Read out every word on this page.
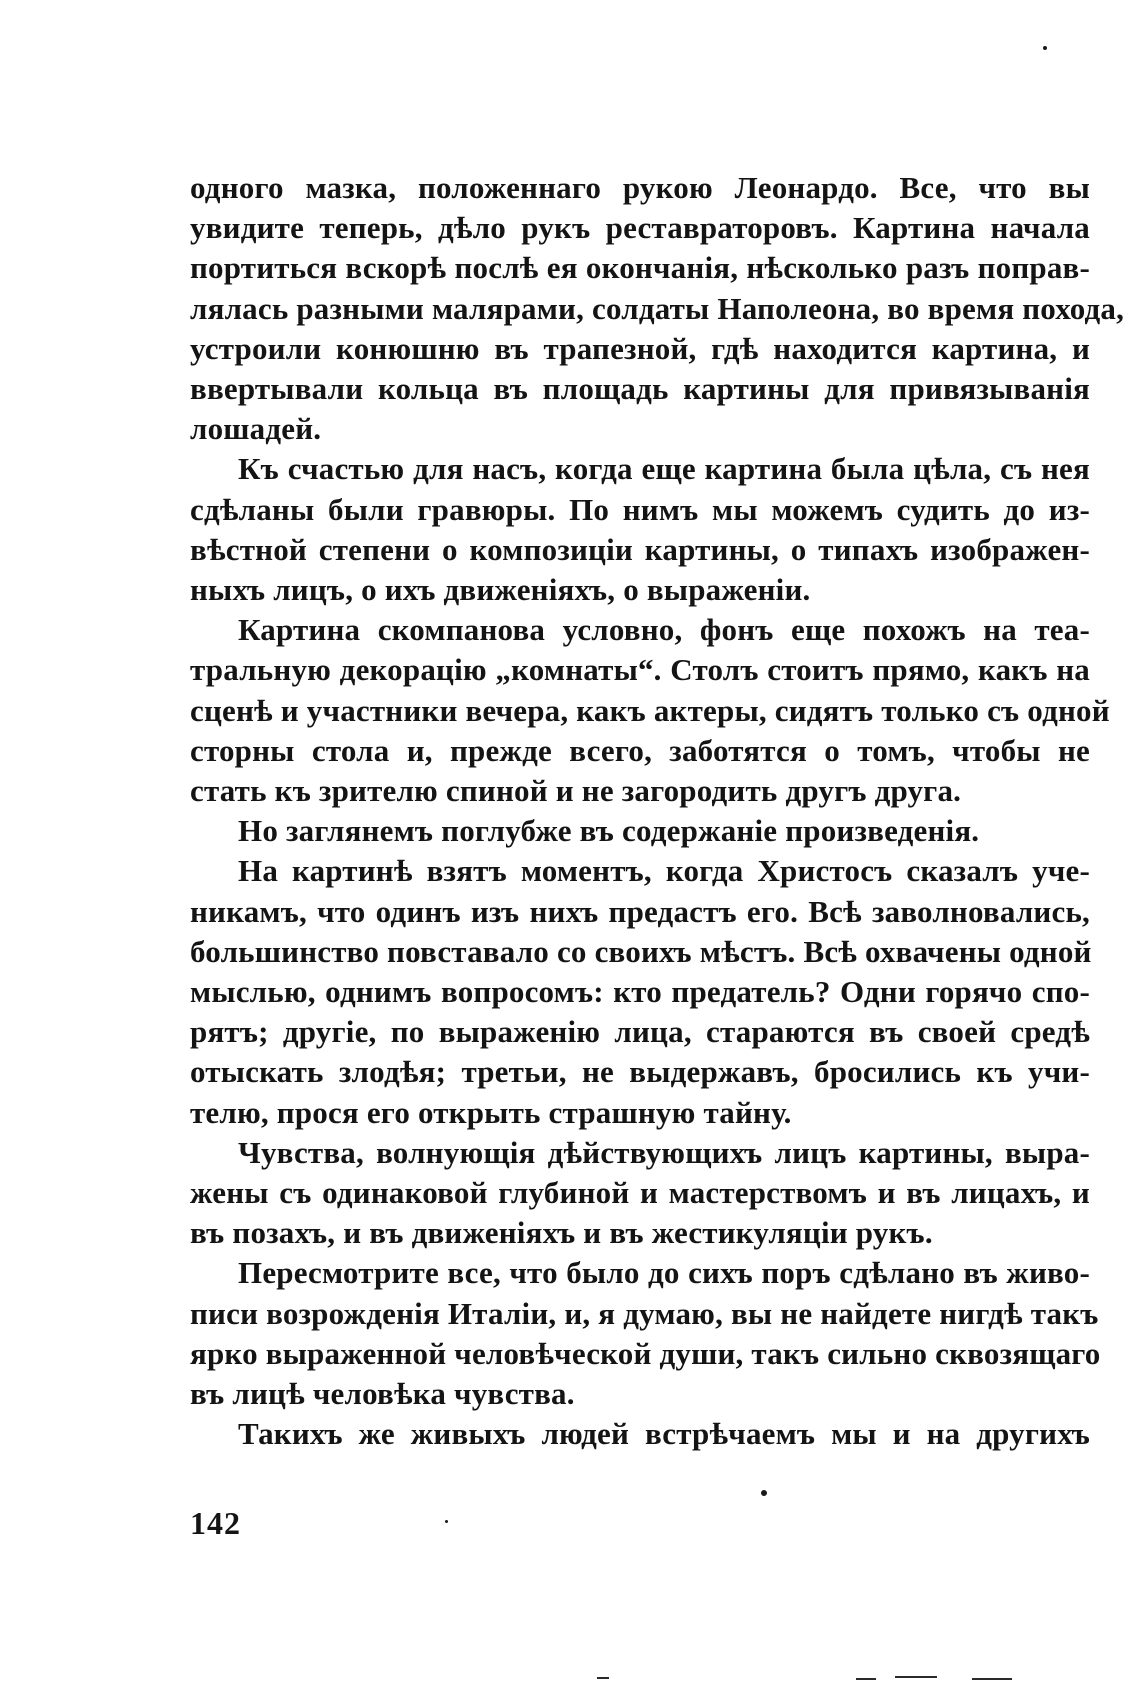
одного мазка, положеннаго рукою Леонардо. Все, что вы
увидите теперь, дѣло рукъ реставраторовъ. Картина начала
портиться вскорѣ послѣ ея окончанія, нѣсколько разъ поправ-
лялась разными малярами, солдаты Наполеона, во время похода,
устроили конюшню въ трапезной, гдѣ находится картина, и
ввертывали кольца въ площадь картины для привязыванія
лошадей.

Къ счастью для насъ, когда еще картина была цѣла, съ нея
сдѣланы были гравюры. По нимъ мы можемъ судить до из-
вѣстной степени о композиціи картины, о типахъ изображен-
ныхъ лицъ, о ихъ движеніяхъ, о выраженіи.

Картина скомпанова условно, фонъ еще похожъ на теа-
тральную декорацію „комнаты“. Столъ стоитъ прямо, какъ на
сценѣ и участники вечера, какъ актеры, сидятъ только съ одной
сторны стола и, прежде всего, заботятся о томъ, чтобы не
стать къ зрителю спиной и не загородить другъ друга.

Но заглянемъ поглубже въ содержаніе произведенія.

На картинѣ взятъ моментъ, когда Христосъ сказалъ уче-
никамъ, что одинъ изъ нихъ предастъ его. Всѣ заволновались,
большинство повставало со своихъ мѣстъ. Всѣ охвачены одной
мыслью, однимъ вопросомъ: кто предатель? Одни горячо спо-
рятъ; другіе, по выраженію лица, стараются въ своей средѣ
отыскать злодѣя; третьи, не выдержавъ, бросились къ учи-
телю, прося его открыть страшную тайну.

Чувства, волнующія дѣйствующихъ лицъ картины, выра-
жены съ одинаковой глубиной и мастерствомъ и въ лицахъ, и
въ позахъ, и въ движеніяхъ и въ жестикуляціи рукъ.

Пересмотрите все, что было до сихъ поръ сдѣлано въ живо-
писи возрожденія Италіи, и, я думаю, вы не найдете нигдѣ такъ
ярко выраженной человѣческой души, такъ сильно сквозящаго
въ лицѣ человѣка чувства.

Такихъ же живыхъ людей встрѣчаемъ мы и на другихъ

142
